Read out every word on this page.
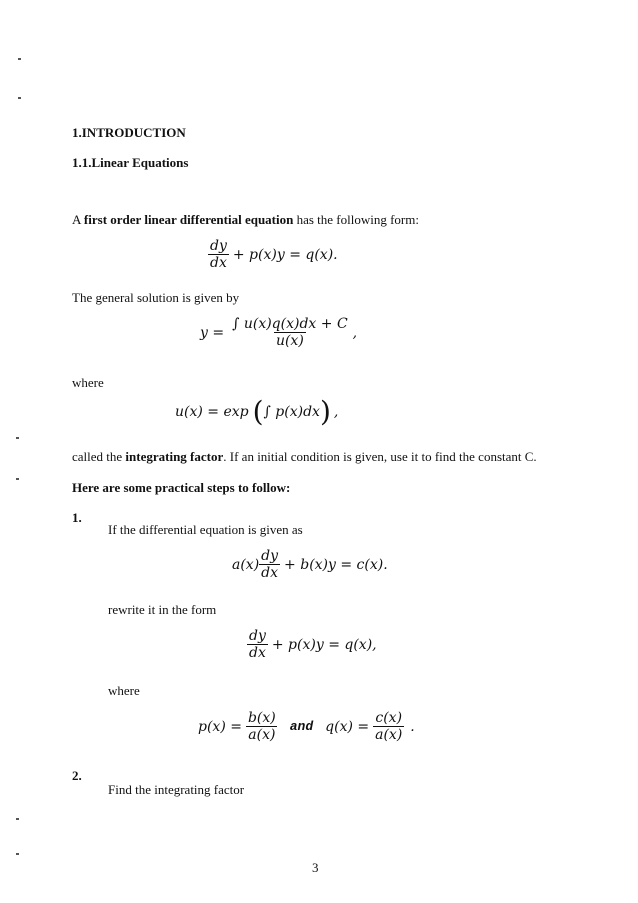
1.INTRODUCTION
1.1.Linear Equations
A first order linear differential equation has the following form:
$\frac{dy}{dx} + p(x)y = q(x)$.
The general solution is given by
$y = \frac{\int u(x)q(x)dx + C}{u(x)}$ ,
where
u(x) = exp ( ∫ p(x)dx ) ,
called the integrating factor. If an initial condition is given, use it to find the constant C.
Here are some practical steps to follow:
1.
If the differential equation is given as
$a(x) \frac{dy}{dx} + b(x)y = c(x)$ .
rewrite it in the form
$\frac{dy}{dx} + p(x)y = q(x)$ ,
where
$p(x) = \frac{b(x)}{a(x)}$ and $q(x) = \frac{c(x)}{a(x)}$ .
2.
Find the integrating factor
3
